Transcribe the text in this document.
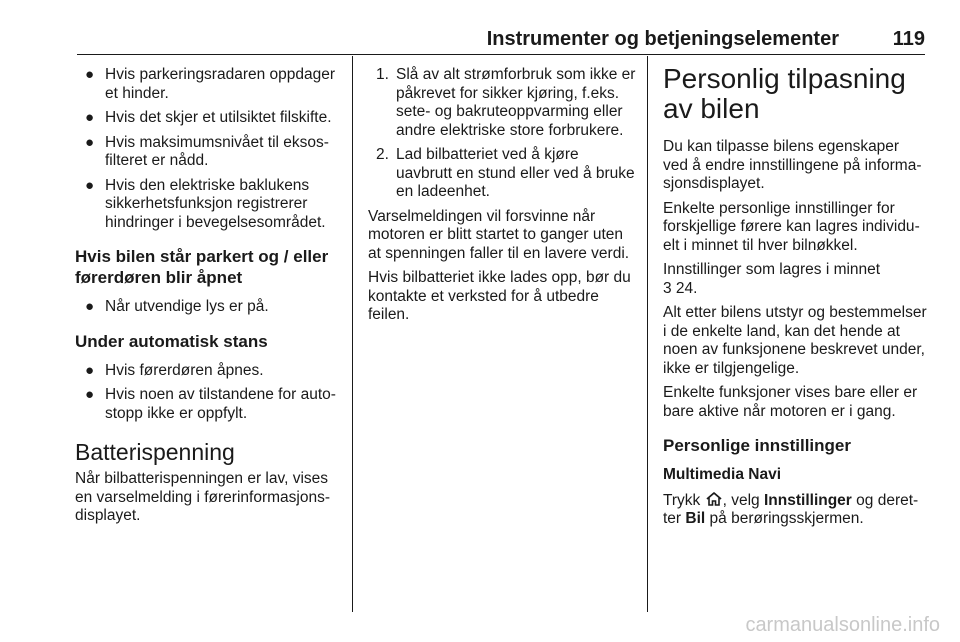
Instrumenter og betjeningselementer	119
● Hvis parkeringsradaren oppdager et hinder.
● Hvis det skjer et utilsiktet filskifte.
● Hvis maksimumsnivået til eksosfilteret er nådd.
● Hvis den elektriske baklukens sikkerhetsfunksjon registrerer hindringer i bevegelsesområdet.
Hvis bilen står parkert og / eller førerdøren blir åpnet
● Når utvendige lys er på.
Under automatisk stans
● Hvis førerdøren åpnes.
● Hvis noen av tilstandene for autostopp ikke er oppfylt.
Batterispenning

Når bilbatterispenningen er lav, vises en varselmelding i førerinformasjonsdisplayet.

1. Slå av alt strømforbruk som ikke er påkrevet for sikker kjøring, f.eks. sete- og bakruteoppvarming eller andre elektriske store forbrukere.
2. Lad bilbatteriet ved å kjøre uavbrutt en stund eller ved å bruke en ladeenhet.

Varselmeldingen vil forsvinne når motoren er blitt startet to ganger uten at spenningen faller til en lavere verdi.

Hvis bilbatteriet ikke lades opp, bør du kontakte et verksted for å utbedre feilen.

Personlig tilpasning av bilen

Du kan tilpasse bilens egenskaper ved å endre innstillingene på informasjonsdisplayet.

Enkelte personlige innstillinger for forskjellige førere kan lagres individuelt i minnet til hver bilnøkkel.

Innstillinger som lagres i minnet
3 24.

Alt etter bilens utstyr og bestemmelser i de enkelte land, kan det hende at noen av funksjonene beskrevet under, ikke er tilgjengelige.

Enkelte funksjoner vises bare eller er bare aktive når motoren er i gang.

Personlige innstillinger
Multimedia Navi

Trykk , velg Innstillinger og deretter Bil på berøringsskjermen.

carmanualsonline.info
